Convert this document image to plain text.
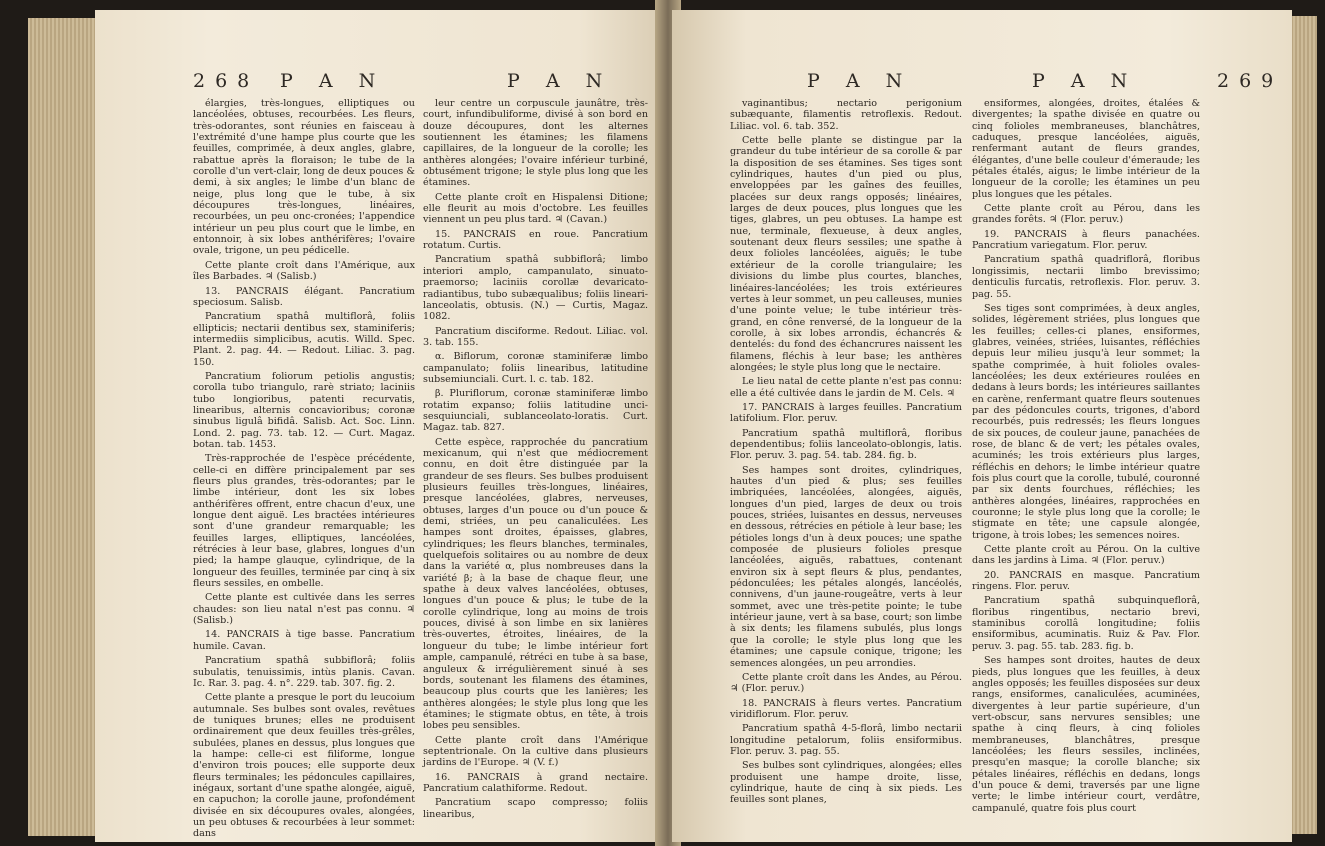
268 P A N	P A N

élargies, très-longues, elliptiques ou lancéolées, obtuses, recourbées. Les fleurs, très-odorantes, sont réunies en faisceau à l'extrémité d'une hampe plus courte que les feuilles, comprimée, à deux angles, glabre, rabattue après la floraison; le tube de la corolle d'un vert-clair, long de deux pouces & demi, à six angles; le limbe d'un blanc de neige, plus long que le tube, à six découpures très-longues, linéaires, recourbées, un peu onc-cronées; l'appendice intérieur un peu plus court que le limbe, en entonnoir, à six lobes anthérifères; l'ovaire ovale, trigone, un peu pédicelle.

Cette plante croît dans l'Amérique, aux îles Barbades. ♃ (Salisb.)

13. PANCRAIS élégant. Pancratium speciosum. Salisb.

Pancratium spathâ multiflorâ, foliis ellipticis; nectarii dentibus sex, staminiferis; intermediis simplicibus, acutis. Willd. Spec. Plant. 2. pag. 44. — Redout. Liliac. 3. pag. 150.

Pancratium foliorum petiolis angustis; corolla tubo triangulo, rarè striato; laciniis tubo longioribus, patenti recurvatis, linearibus, alternis concavioribus; coronæ sinubus ligulâ bifidâ. Salisb. Act. Soc. Linn. Lond. 2. pag. 73. tab. 12. — Curt. Magaz. botan. tab. 1453.

Très-rapprochée de l'espèce précédente, celle-ci en diffère principalement par ses fleurs plus grandes, très-odorantes; par le limbe intérieur, dont les six lobes anthérifères offrent, entre chacun d'eux, une longue dent aiguë. Les bractées intérieures sont d'une grandeur remarquable; les feuilles larges, elliptiques, lancéolées, rétrécies à leur base, glabres, longues d'un pied; la hampe glauque, cylindrique, de la longueur des feuilles, terminée par cinq à six fleurs sessiles, en ombelle.

Cette plante est cultivée dans les serres chaudes: son lieu natal n'est pas connu. ♃ (Salisb.)

14. PANCRAIS à tige basse. Pancratium humile. Cavan.

Pancratium spathâ subbiflorâ; foliis subulatis, tenuissimis, intùs planis. Cavan. Ic. Rar. 3. pag. 4. n°. 229. tab. 307. fig. 2.

Cette plante a presque le port du leucoium autumnale. Ses bulbes sont ovales, revêtues de tuniques brunes; elles ne produisent ordinairement que deux feuilles très-grêles, subulées, planes en dessus, plus longues que la hampe: celle-ci est filiforme, longue d'environ trois pouces; elle supporte deux fleurs terminales; les pédoncules capillaires, inégaux, sortant d'une spathe alongée, aiguë, en capuchon; la corolle jaune, profondément divisée en six découpures ovales, alongées, un peu obtuses & recourbées à leur sommet: dans

leur centre un corpuscule jaunâtre, très-court, infundibuliforme, divisé à son bord en douze découpures, dont les alternes soutiennent les étamines; les filamens capillaires, de la longueur de la corolle; les anthères alongées; l'ovaire inférieur turbiné, obtusément trigone; le style plus long que les étamines.

Cette plante croît en Hispalensi Ditione; elle fleurit au mois d'octobre. Les feuilles viennent un peu plus tard. ♃ (Cavan.)

15. PANCRAIS en roue. Pancratium rotatum. Curtis.

Pancratium spathâ subbiflorâ; limbo interiori amplo, campanulato, sinuato-praemorso; laciniis corollæ devaricato-radiantibus, tubo subæqualibus; foliis lineari-lanceolatis, obtusis. (N.) — Curtis, Magaz. 1082.

Pancratium disciforme. Redout. Liliac. vol. 3. tab. 155.

α. Biflorum, coronæ staminiferæ limbo campanulato; foliis linearibus, latitudine subsemiunciali. Curt. l. c. tab. 182.

β. Pluriflorum, coronæ staminiferæ limbo rotatim expanso; foliis latitudine unci-sesquiunciali, sublanceolato-loratis. Curt. Magaz. tab. 827.

Cette espèce, rapprochée du pancratium mexicanum, qui n'est que médiocrement connu, en doit être distinguée par la grandeur de ses fleurs. Ses bulbes produisent plusieurs feuilles très-longues, linéaires, presque lancéolées, glabres, nerveuses, obtuses, larges d'un pouce ou d'un pouce & demi, striées, un peu canaliculées. Les hampes sont droites, épaisses, glabres, cylindriques; les fleurs blanches, terminales, quelquefois solitaires ou au nombre de deux dans la variété α, plus nombreuses dans la variété β; à la base de chaque fleur, une spathe à deux valves lancéolées, obtuses, longues d'un pouce & plus; le tube de la corolle cylindrique, long au moins de trois pouces, divisé à son limbe en six lanières très-ouvertes, étroites, linéaires, de la longueur du tube; le limbe intérieur fort ample, campanulé, rétréci en tube à sa base, anguleux & irrégulièrement sinué à ses bords, soutenant les filamens des étamines, beaucoup plus courts que les lanières; les anthères alongées; le style plus long que les étamines; le stigmate obtus, en tête, à trois lobes peu sensibles.

Cette plante croît dans l'Amérique septentrionale. On la cultive dans plusieurs jardins de l'Europe. ♃ (V. f.)

16. PANCRAIS à grand nectaire. Pancratium calathiforme. Redout.

Pancratium scapo compresso; foliis linearibus,

P A N	P A N	269

vaginantibus; nectario perigonium subæquante, filamentis retroflexis. Redout. Liliac. vol. 6. tab. 352.

Cette belle plante se distingue par la grandeur du tube intérieur de sa corolle & par la disposition de ses étamines. Ses tiges sont cylindriques, hautes d'un pied ou plus, enveloppées par les gaînes des feuilles, placées sur deux rangs opposés; linéaires, larges de deux pouces, plus longues que les tiges, glabres, un peu obtuses. La hampe est nue, terminale, flexueuse, à deux angles, soutenant deux fleurs sessiles; une spathe à deux folioles lancéolées, aiguës; le tube extérieur de la corolle triangulaire; les divisions du limbe plus courtes, blanches, linéaires-lancéolées; les trois extérieures vertes à leur sommet, un peu calleuses, munies d'une pointe velue; le tube intérieur très-grand, en cône renversé, de la longueur de la corolle, à six lobes arrondis, échancrés & dentelés: du fond des échancrures naissent les filamens, fléchis à leur base; les anthères alongées; le style plus long que le nectaire.

Le lieu natal de cette plante n'est pas connu: elle a été cultivée dans le jardin de M. Cels. ♃

17. PANCRAIS à larges feuilles. Pancratium latifolium. Flor. peruv.

Pancratium spathâ multiflorâ, floribus dependentibus; foliis lanceolato-oblongis, latis. Flor. peruv. 3. pag. 54. tab. 284. fig. b.

Ses hampes sont droites, cylindriques, hautes d'un pied & plus; ses feuilles imbriquées, lancéolées, alongées, aiguës, longues d'un pied, larges de deux ou trois pouces, striées, luisantes en dessus, nerveuses en dessous, rétrécies en pétiole à leur base; les pétioles longs d'un à deux pouces; une spathe composée de plusieurs folioles presque lancéolées, aiguës, rabattues, contenant environ six à sept fleurs & plus, pendantes, pédonculées; les pétales alongés, lancéolés, connivens, d'un jaune-rougeâtre, verts à leur sommet, avec une très-petite pointe; le tube intérieur jaune, vert à sa base, court; son limbe à six dents; les filamens subulés, plus longs que la corolle; le style plus long que les étamines; une capsule conique, trigone; les semences alongées, un peu arrondies.

Cette plante croît dans les Andes, au Pérou. ♃ (Flor. peruv.)

18. PANCRAIS à fleurs vertes. Pancratium viridiflorum. Flor. peruv.

Pancratium spathâ 4-5-florâ, limbo nectarii longitudine petalorum, foliis ensiformibus. Flor. peruv. 3. pag. 55.

Ses bulbes sont cylindriques, alongées; elles produisent une hampe droite, lisse, cylindrique, haute de cinq à six pieds. Les feuilles sont planes,

ensiformes, alongées, droites, étalées & divergentes; la spathe divisée en quatre ou cinq folioles membraneuses, blanchâtres, caduques, presque lancéolées, aiguës, renfermant autant de fleurs grandes, élégantes, d'une belle couleur d'émeraude; les pétales étalés, aigus; le limbe intérieur de la longueur de la corolle; les étamines un peu plus longues que les pétales.

Cette plante croît au Pérou, dans les grandes forêts. ♃ (Flor. peruv.)

19. PANCRAIS à fleurs panachées. Pancratium variegatum. Flor. peruv.

Pancratium spathâ quadriflorâ, floribus longissimis, nectarii limbo brevissimo; denticulis furcatis, retroflexis. Flor. peruv. 3. pag. 55.

Ses tiges sont comprimées, à deux angles, solides, légèrement striées, plus longues que les feuilles; celles-ci planes, ensiformes, glabres, veinées, striées, luisantes, réfléchies depuis leur milieu jusqu'à leur sommet; la spathe comprimée, à huit folioles ovales-lancéolées; les deux extérieures roulées en dedans à leurs bords; les intérieures saillantes en carène, renfermant quatre fleurs soutenues par des pédoncules courts, trigones, d'abord recourbés, puis redressés; les fleurs longues de six pouces, de couleur jaune, panachées de rose, de blanc & de vert; les pétales ovales, acuminés; les trois extérieurs plus larges, réfléchis en dehors; le limbe intérieur quatre fois plus court que la corolle, tubulé, couronné par six dents fourchues, réfléchies; les anthères alongées, linéaires, rapprochées en couronne; le style plus long que la corolle; le stigmate en tête; une capsule alongée, trigone, à trois lobes; les semences noires.

Cette plante croît au Pérou. On la cultive dans les jardins à Lima. ♃ (Flor. peruv.)

20. PANCRAIS en masque. Pancratium ringens. Flor. peruv.

Pancratium spathâ subquinqueflorâ, floribus ringentibus, nectario brevi, staminibus corollâ longitudine; foliis ensiformibus, acuminatis. Ruiz & Pav. Flor. peruv. 3. pag. 55. tab. 283. fig. b.

Ses hampes sont droites, hautes de deux pieds, plus longues que les feuilles, à deux angles opposés; les feuilles disposées sur deux rangs, ensiformes, canaliculées, acuminées, divergentes à leur partie supérieure, d'un vert-obscur, sans nervures sensibles; une spathe à cinq fleurs, à cinq folioles membraneuses, blanchâtres, presque lancéolées; les fleurs sessiles, inclinées, presqu'en masque; la corolle blanche; six pétales linéaires, réfléchis en dedans, longs d'un pouce & demi, traversés par une ligne verte; le limbe intérieur court, verdâtre, campanulé, quatre fois plus court
